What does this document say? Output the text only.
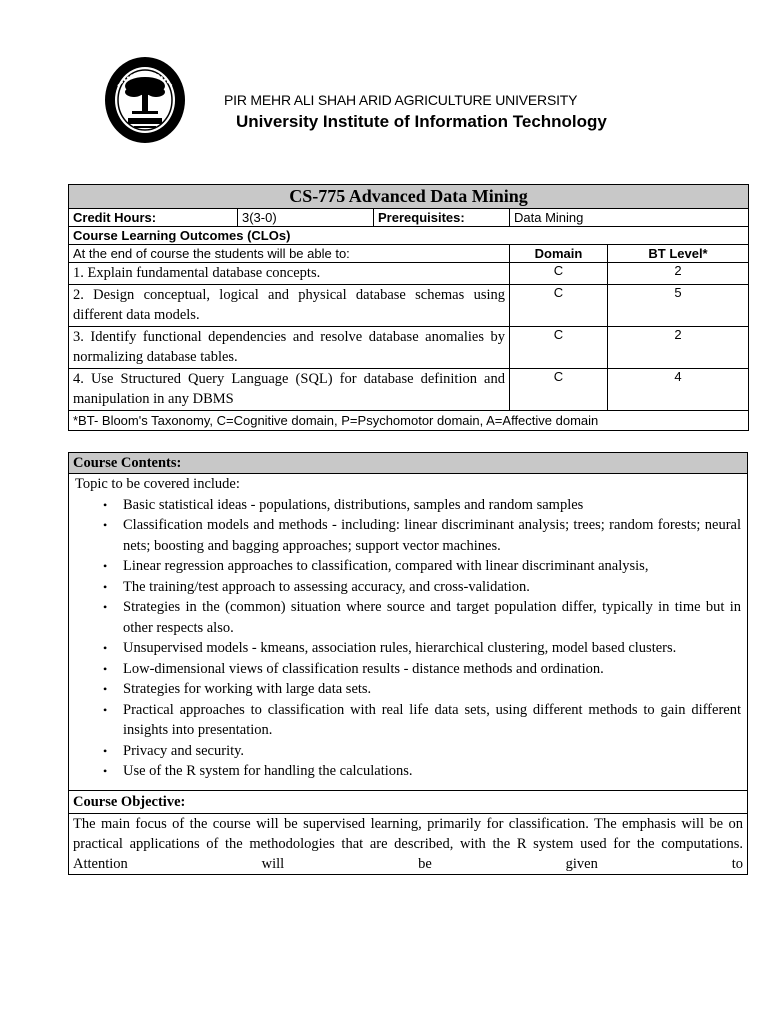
PIR MEHR ALI SHAH ARID AGRICULTURE UNIVERSITY
University Institute of Information Technology
CS-775 Advanced Data Mining				
Credit Hours:	3(3-0)	Prerequisites:	Data Mining	
Course Learning Outcomes (CLOs)				
At the end of course the students will be able to:			Domain	BT Level*
1. Explain fundamental database concepts.			C	2
2. Design conceptual, logical and physical database schemas using different data models.			C	5
3. Identify functional dependencies and resolve database anomalies by normalizing database tables.			C	2
4. Use Structured Query Language (SQL) for database definition and manipulation in any DBMS			C	4
*BT- Bloom's Taxonomy, C=Cognitive domain, P=Psychomotor domain, A=Affective domain				
Course Contents:

Topic to be covered include:
• Basic statistical ideas - populations, distributions, samples and random samples
• Classification models and methods - including: linear discriminant analysis; trees; random forests; neural nets; boosting and bagging approaches; support vector machines.
• Linear regression approaches to classification, compared with linear discriminant analysis,
• The training/test approach to assessing accuracy, and cross-validation.
• Strategies in the (common) situation where source and target population differ, typically in time but in other respects also.
• Unsupervised models - kmeans, association rules, hierarchical clustering, model based clusters.
• Low-dimensional views of classification results - distance methods and ordination.
• Strategies for working with large data sets.
• Practical approaches to classification with real life data sets, using different methods to gain different insights into presentation.
• Privacy and security.
• Use of the R system for handling the calculations.

Course Objective:
The main focus of the course will be supervised learning, primarily for classification. The emphasis will be on practical applications of the methodologies that are described, with the R system used for the computations. Attention will be given to
